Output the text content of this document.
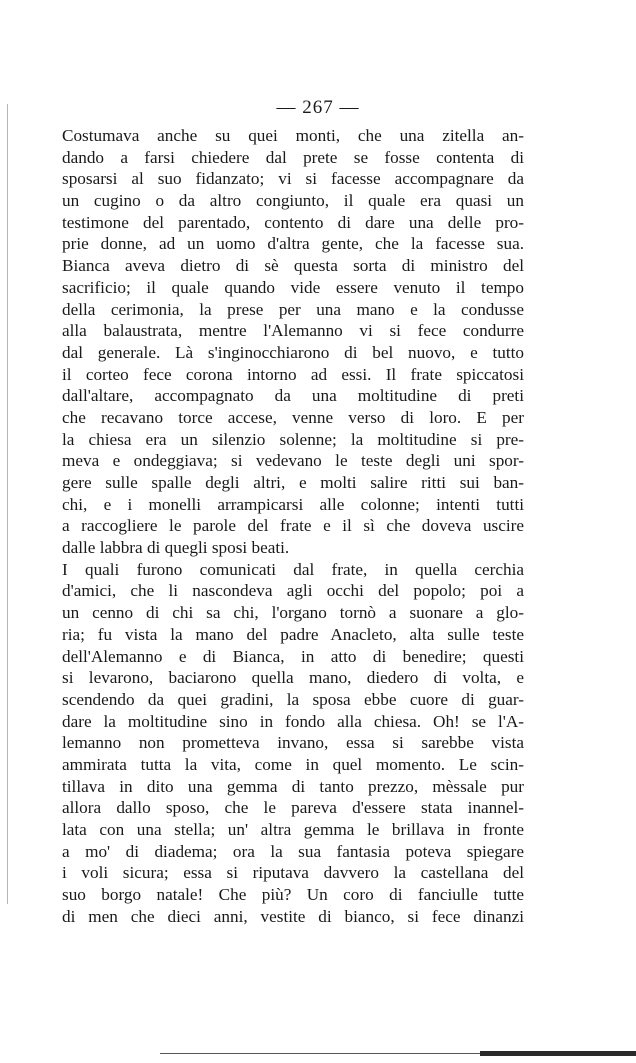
— 267 —
Costumava anche su quei monti, che una zitella an-
dando a farsi chiedere dal prete se fosse contenta di
sposarsi al suo fidanzato; vi si facesse accompagnare da
un cugino o da altro congiunto, il quale era quasi un
testimone del parentado, contento di dare una delle pro-
prie donne, ad un uomo d'altra gente, che la facesse sua.
Bianca aveva dietro di sè questa sorta di ministro del
sacrificio; il quale quando vide essere venuto il tempo
della cerimonia, la prese per una mano e la condusse
alla balaustrata, mentre l'Alemanno vi si fece condurre
dal generale. Là s'inginocchiarono di bel nuovo, e tutto
il corteo fece corona intorno ad essi. Il frate spiccatosi
dall'altare, accompagnato da una moltitudine di preti
che recavano torce accese, venne verso di loro. E per
la chiesa era un silenzio solenne; la moltitudine si pre-
meva e ondeggiava; si vedevano le teste degli uni spor-
gere sulle spalle degli altri, e molti salire ritti sui ban-
chi, e i monelli arrampicarsi alle colonne; intenti tutti
a raccogliere le parole del frate e il sì che doveva uscire
dalle labbra di quegli sposi beati.
I quali furono comunicati dal frate, in quella cerchia
d'amici, che li nascondeva agli occhi del popolo; poi a
un cenno di chi sa chi, l'organo tornò a suonare a glo-
ria; fu vista la mano del padre Anacleto, alta sulle teste
dell'Alemanno e di Bianca, in atto di benedire; questi
si levarono, baciarono quella mano, diedero di volta, e
scendendo da quei gradini, la sposa ebbe cuore di guar-
dare la moltitudine sino in fondo alla chiesa. Oh! se l'A-
lemanno non prometteva invano, essa si sarebbe vista
ammirata tutta la vita, come in quel momento. Le scin-
tillava in dito una gemma di tanto prezzo, mèssale pur
allora dallo sposo, che le pareva d'essere stata inannel-
lata con una stella; un' altra gemma le brillava in fronte
a mo' di diadema; ora la sua fantasia poteva spiegare
i voli sicura; essa si riputava davvero la castellana del
suo borgo natale! Che più? Un coro di fanciulle tutte
di men che dieci anni, vestite di bianco, si fece dinanzi
